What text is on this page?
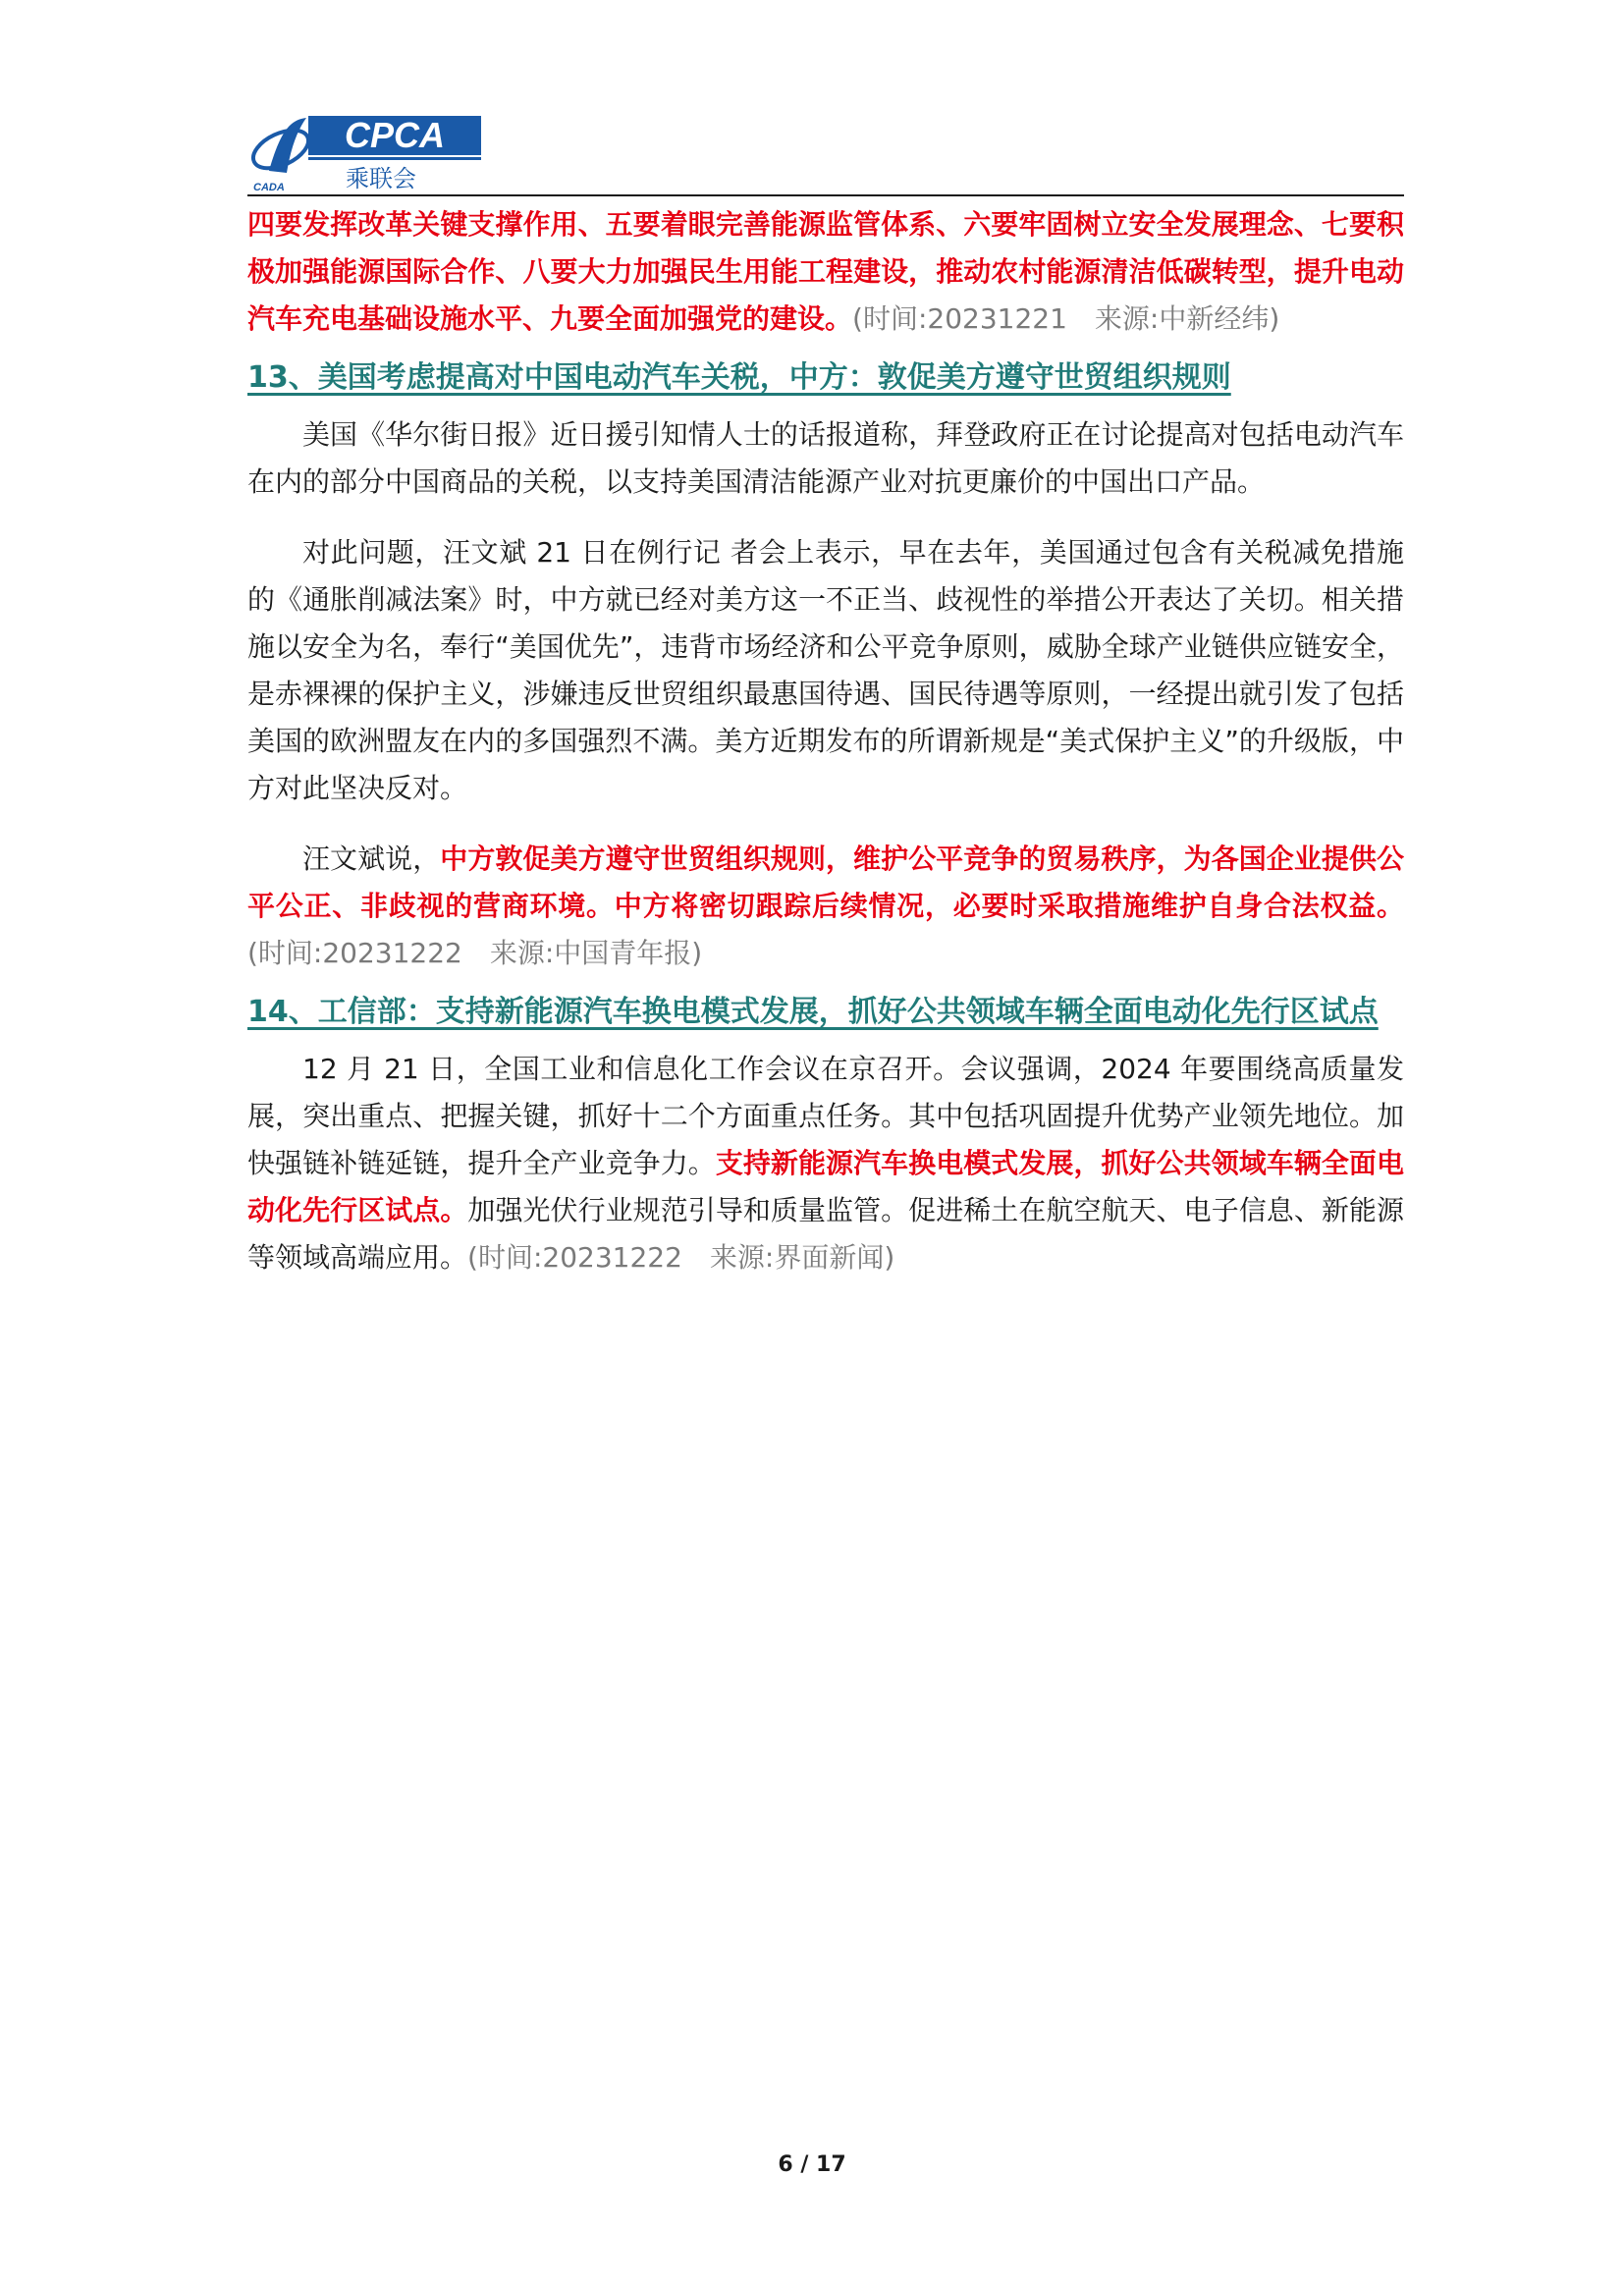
CADA
CPCA
乘联会

四要发挥改革关键支撑作用、五要着眼完善能源监管体系、六要牢固树立安全发展理念、七要积极加强能源国际合作、八要大力加强民生用能工程建设，推动农村能源清洁低碳转型，提升电动汽车充电基础设施水平、九要全面加强党的建设。(时间:20231221　来源:中新经纬)

13、美国考虑提高对中国电动汽车关税，中方：敦促美方遵守世贸组织规则

美国《华尔街日报》近日援引知情人士的话报道称，拜登政府正在讨论提高对包括电动汽车在内的部分中国商品的关税，以支持美国清洁能源产业对抗更廉价的中国出口产品。

对此问题，汪文斌 21 日在例行记 者会上表示，早在去年，美国通过包含有关税减免措施的《通胀削减法案》时，中方就已经对美方这一不正当、歧视性的举措公开表达了关切。相关措施以安全为名，奉行“美国优先”，违背市场经济和公平竞争原则，威胁全球产业链供应链安全，是赤裸裸的保护主义，涉嫌违反世贸组织最惠国待遇、国民待遇等原则，一经提出就引发了包括美国的欧洲盟友在内的多国强烈不满。美方近期发布的所谓新规是“美式保护主义”的升级版，中方对此坚决反对。

汪文斌说，中方敦促美方遵守世贸组织规则，维护公平竞争的贸易秩序，为各国企业提供公平公正、非歧视的营商环境。中方将密切跟踪后续情况，必要时采取措施维护自身合法权益。(时间:20231222　来源:中国青年报)

14、工信部：支持新能源汽车换电模式发展，抓好公共领域车辆全面电动化先行区试点

12 月 21 日，全国工业和信息化工作会议在京召开。会议强调，2024 年要围绕高质量发展，突出重点、把握关键，抓好十二个方面重点任务。其中包括巩固提升优势产业领先地位。加快强链补链延链，提升全产业竞争力。支持新能源汽车换电模式发展，抓好公共领域车辆全面电动化先行区试点。加强光伏行业规范引导和质量监管。促进稀土在航空航天、电子信息、新能源等领域高端应用。(时间:20231222　来源:界面新闻)

6 / 17
